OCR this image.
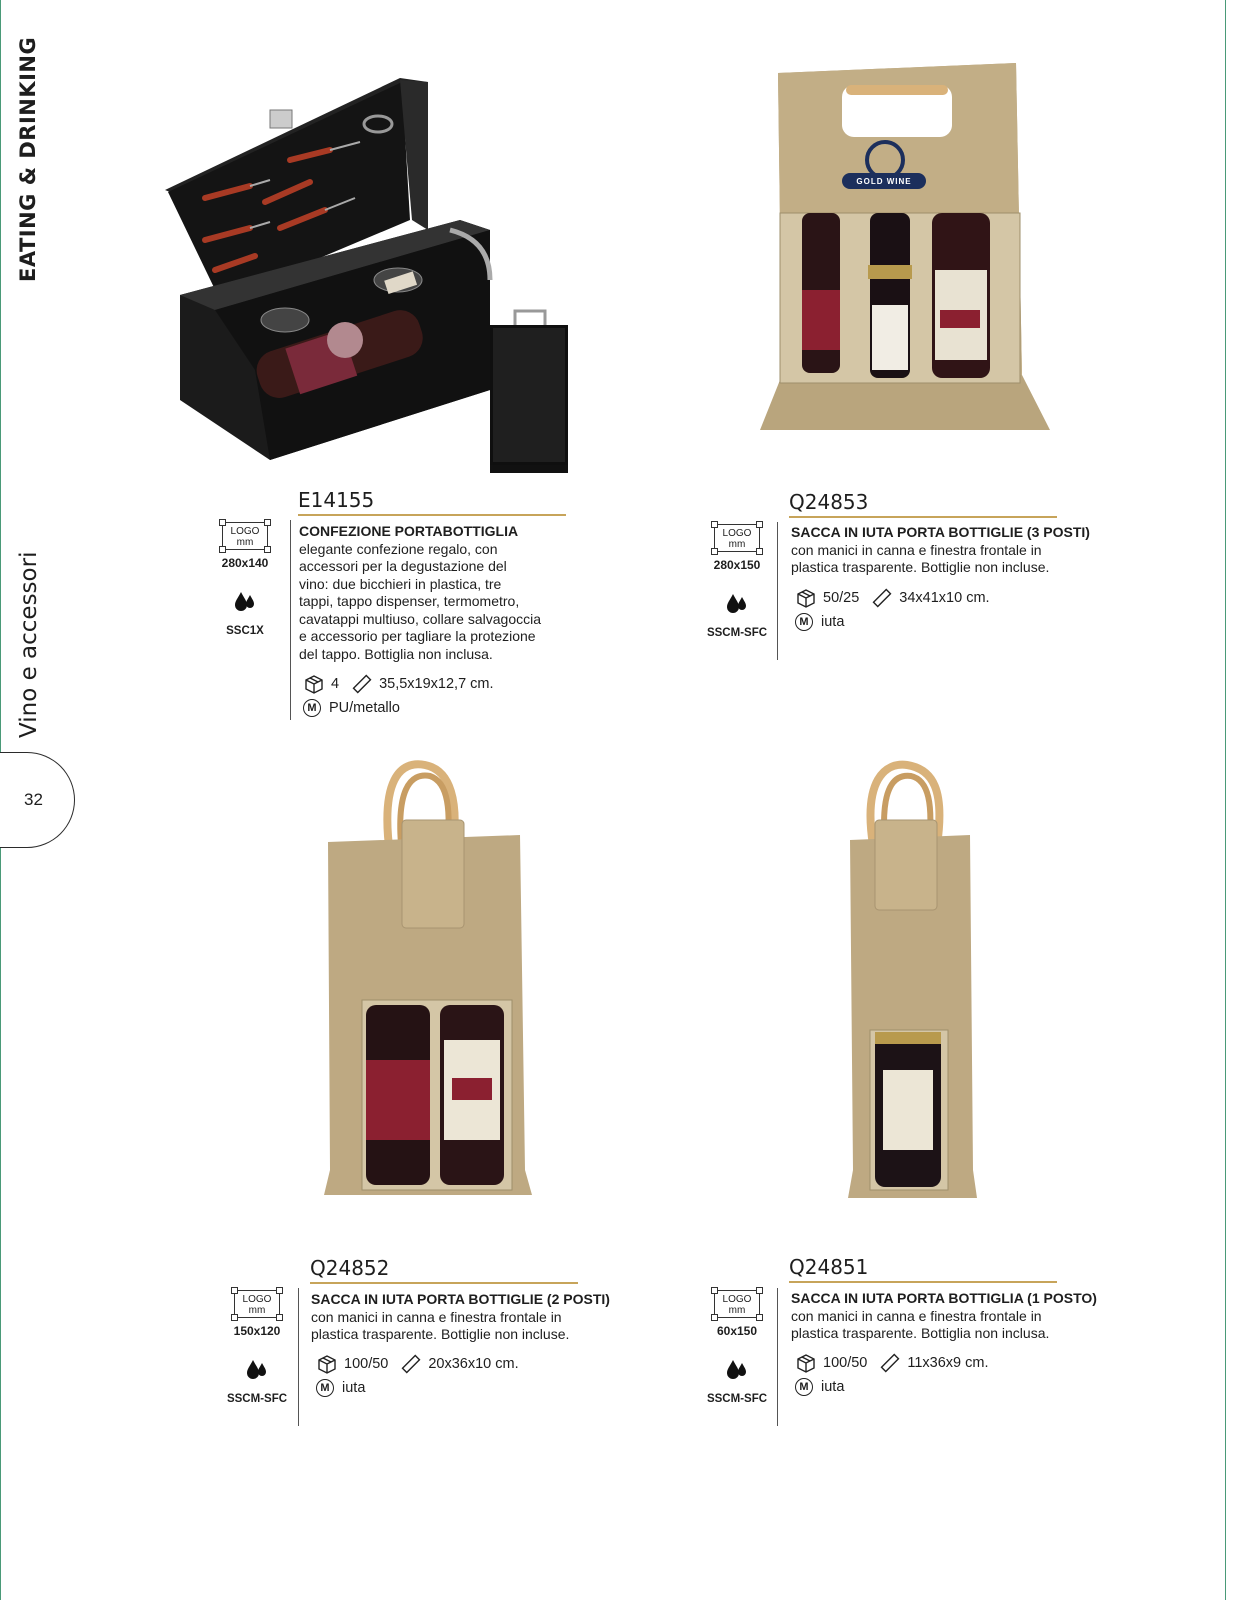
EATING & DRINKING
Vino e accessori
32
E14155
LOGO
mm
280x140
SSC1X
CONFEZIONE PORTABOTTIGLIA
elegante confezione regalo, con
accessori per la degustazione del
vino: due bicchieri in plastica, tre
tappi, tappo dispenser, termometro,
cavatappi multiuso, collare salvagoccia
e accessorio per tagliare la protezione
del tappo. Bottiglia non inclusa.
4	35,5x19x12,7 cm.
M PU/metallo
Q24853
LOGO
mm
280x150
SSCM-SFC
SACCA IN IUTA PORTA BOTTIGLIE (3 POSTI)
con manici in canna e finestra frontale in
plastica trasparente. Bottiglie non incluse.
50/25	34x41x10 cm.
M iuta
GOLD WINE
Q24852
LOGO
mm
150x120
SSCM-SFC
SACCA IN IUTA PORTA BOTTIGLIE (2 POSTI)
con manici in canna e finestra frontale in
plastica trasparente. Bottiglie non incluse.
100/50	20x36x10 cm.
M iuta
Q24851
LOGO
mm
60x150
SSCM-SFC
SACCA IN IUTA PORTA BOTTIGLIA (1 POSTO)
con manici in canna e finestra frontale in
plastica trasparente. Bottiglia non inclusa.
100/50	11x36x9 cm.
M iuta
